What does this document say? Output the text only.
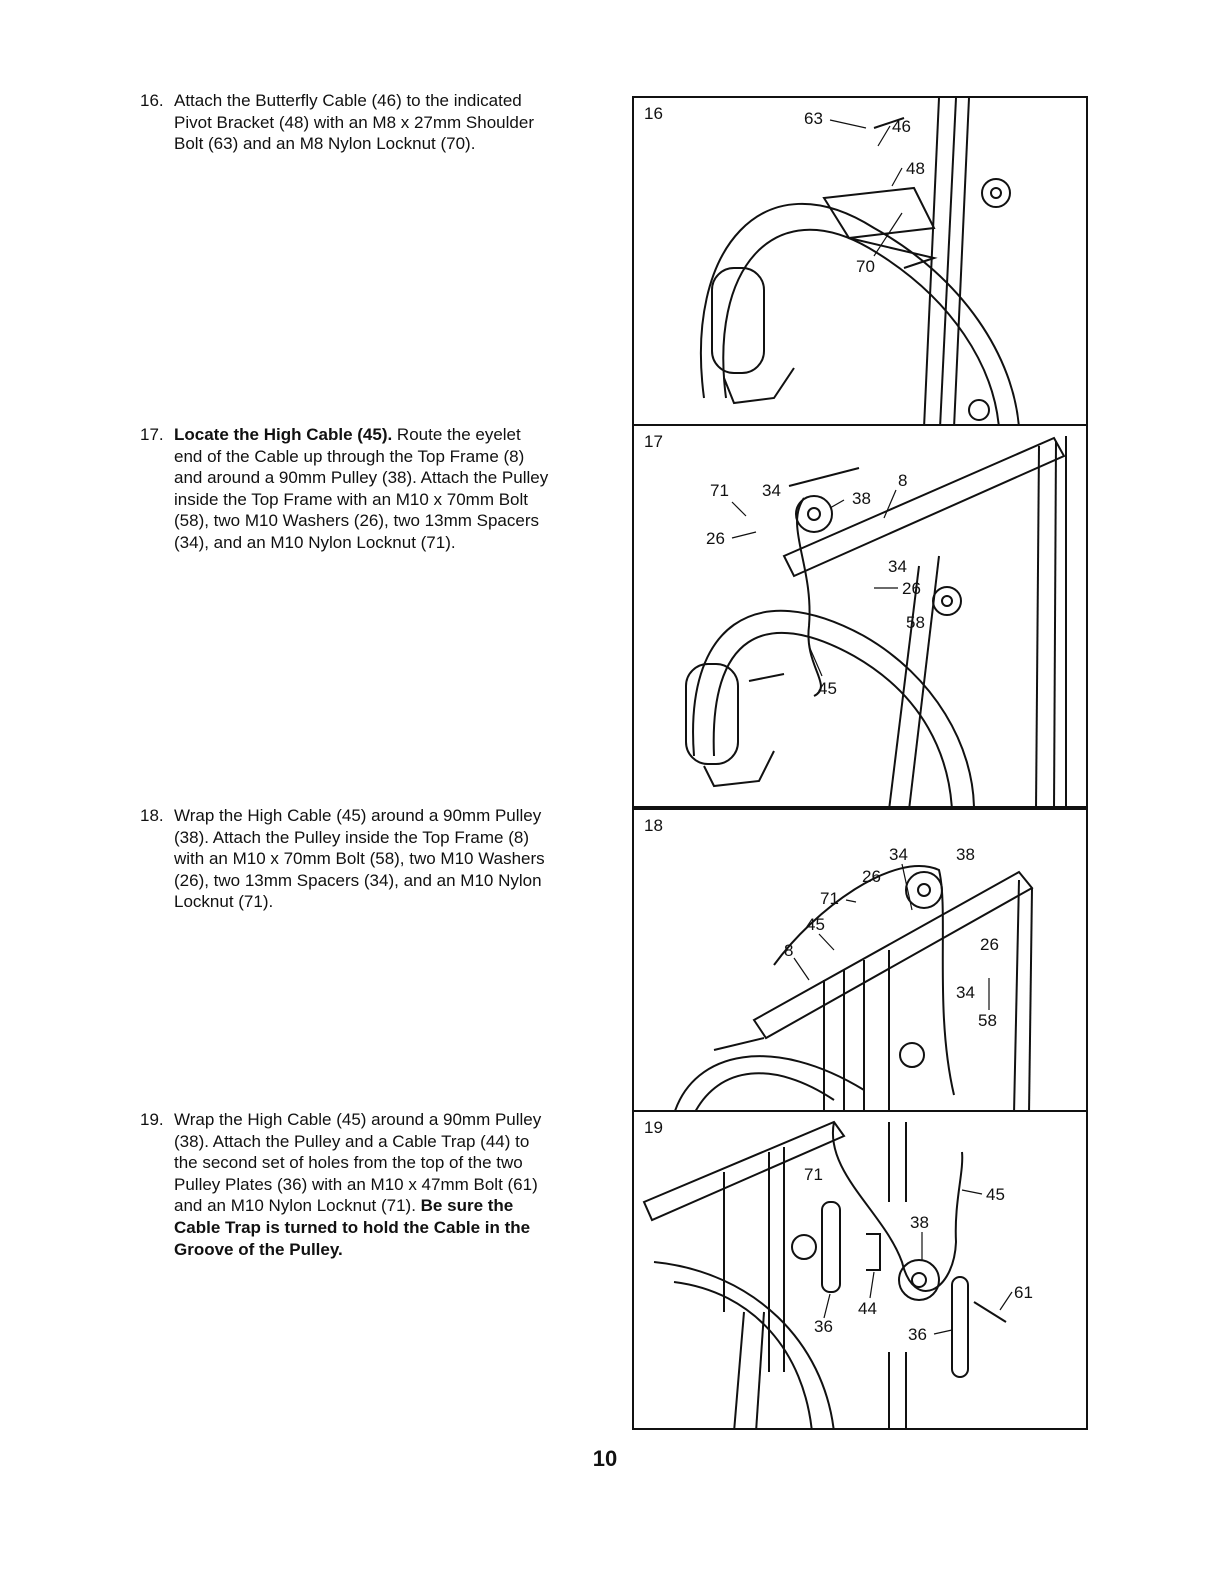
16. Attach the Butterfly Cable (46) to the indicated
Pivot Bracket (48) with an M8 x 27mm Shoulder
Bolt (63) and an M8 Nylon Locknut (70).
17. Locate the High Cable (45). Route the eyelet
end of the Cable up through the Top Frame (8)
and around a 90mm Pulley (38). Attach the Pulley
inside the Top Frame with an M10 x 70mm Bolt
(58), two M10 Washers (26), two 13mm Spacers
(34), and an M10 Nylon Locknut (71).
18. Wrap the High Cable (45) around a 90mm Pulley
(38). Attach the Pulley inside the Top Frame (8)
with an M10 x 70mm Bolt (58), two M10 Washers
(26), two 13mm Spacers (34), and an M10 Nylon
Locknut (71).
19. Wrap the High Cable (45) around a 90mm Pulley
(38). Attach the Pulley and a Cable Trap (44) to
the second set of holes from the top of the two
Pulley Plates (36) with an M10 x 47mm Bolt (61)
and an M10 Nylon Locknut (71). Be sure the
Cable Trap is turned to hold the Cable in the
Groove of the Pulley.
63	46
48
70
16
71 34	38
8
26
34
26
58
45
17
34	38
26
71
45
8	26
34
58
18
71
45
38
61
44
36	36
19
10
